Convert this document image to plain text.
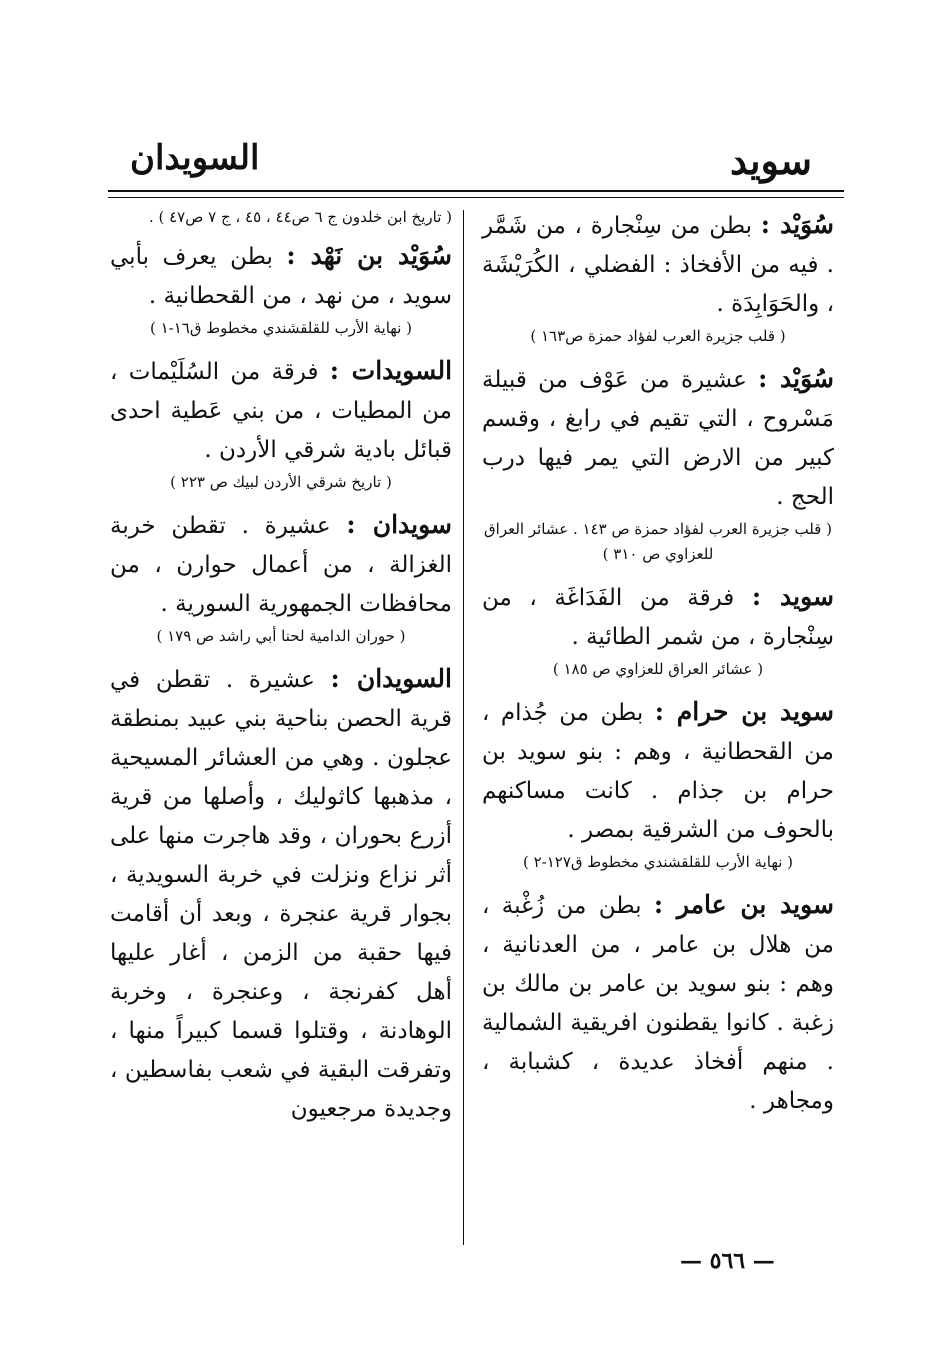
سويد
السويدان

سُوَيْد : بطن من سِنْجارة ، من شَمَّر . فيه من الأفخاذ : الفضلي ، الكُرَيْشَة ، والحَوَابِدَة .

( قلب جزيرة العرب لفؤاد حمزة ص١٦٣ )

سُوَيْد : عشيرة من عَوْف من قبيلة مَسْروح ، التي تقيم في رابغ ، وقسم كبير من الارض التي يمر فيها درب الحج .

( قلب جزيرة العرب لفؤاد حمزة ص ١٤٣ . عشائر العراق للعزاوي ص ٣١٠ )

سويد : فرقة من الفَدَاغَة ، من سِنْجارة ، من شمر الطائية .

( عشائر العراق للعزاوي ص ١٨٥ )

سويد بن حرام : بطن من جُذام ، من القحطانية ، وهم : بنو سويد بن حرام بن جذام . كانت مساكنهم بالحوف من الشرقية بمصر .

( نهاية الأرب للقلقشندي مخطوط ق١٢٧-٢ )

سويد بن عامر : بطن من زُغْبة ، من هلال بن عامر ، من العدنانية ، وهم : بنو سويد بن عامر بن مالك بن زغبة . كانوا يقطنون افريقية الشمالية . منهم أفخاذ عديدة ، كشبابة ، ومجاهر .

( تاريخ ابن خلدون ج ٦ ص٤٤ ، ٤٥ ، ج ٧ ص٤٧ ) .

سُوَيْد بن نَهْد : بطن يعرف بأبي سويد ، من نهد ، من القحطانية .

( نهاية الأرب للقلقشندي مخطوط ق١٦-١ )

السويدات : فرقة من السُلَيْمات ، من المطيات ، من بني عَطية احدى قبائل بادية شرقي الأردن .

( تاريخ شرقي الأردن لبيك ص ٢٢٣ )

سويدان : عشيرة . تقطن خربة الغزالة ، من أعمال حوارن ، من محافظات الجمهورية السورية .

( حوران الدامية لحنا أبي راشد ص ١٧٩ )

السويدان : عشيرة . تقطن في قرية الحصن بناحية بني عبيد بمنطقة عجلون . وهي من العشائر المسيحية ، مذهبها كاثوليك ، وأصلها من قرية أزرع بحوران ، وقد هاجرت منها على أثر نزاع ونزلت في خربة السويدية ، بجوار قرية عنجرة ، وبعد أن أقامت فيها حقبة من الزمن ، أغار عليها أهل كفرنجة ، وعنجرة ، وخربة الوهادنة ، وقتلوا قسما كبيراً منها ، وتفرقت البقية في شعب بفاسطين ، وجديدة مرجعيون

— ٥٦٦ —
